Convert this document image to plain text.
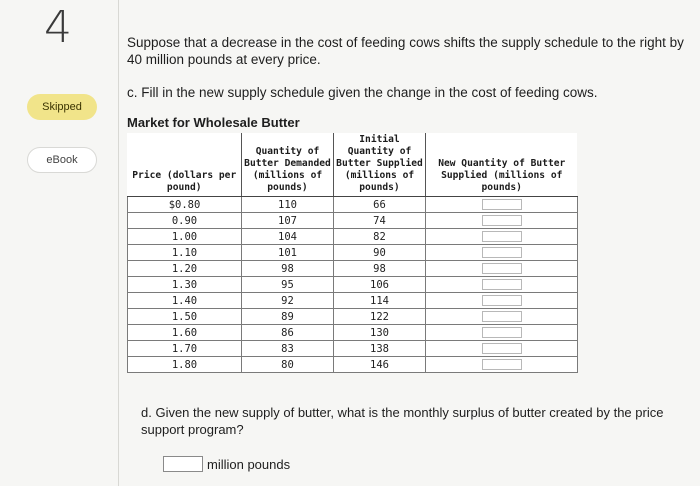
4
Skipped
eBook
Suppose that a decrease in the cost of feeding cows shifts the supply schedule to the right by 40 million pounds at every price.
c. Fill in the new supply schedule given the change in the cost of feeding cows.
Market for Wholesale Butter
Price (dollars per pound)	Quantity of Butter Demanded (millions of pounds)	Initial Quantity of Butter Supplied (millions of pounds)	New Quantity of Butter Supplied (millions of pounds)
$0.80	110	66	
0.90	107	74	
1.00	104	82	
1.10	101	90	
1.20	98	98	
1.30	95	106	
1.40	92	114	
1.50	89	122	
1.60	86	130	
1.70	83	138	
1.80	80	146	
d. Given the new supply of butter, what is the monthly surplus of butter created by the price support program?
million pounds
